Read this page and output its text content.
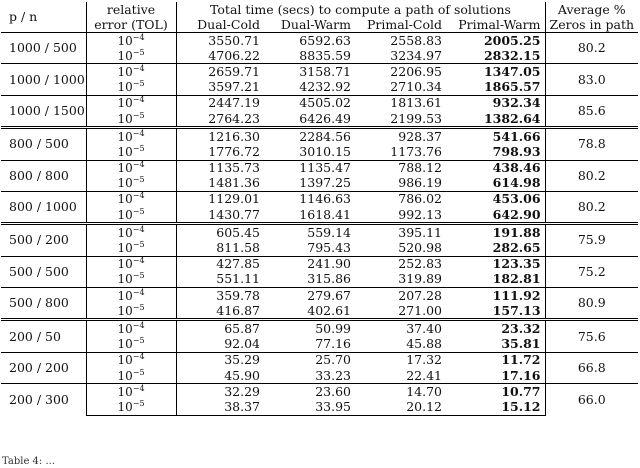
p / n	relative	Total time (secs) to compute a path of solutions				Average %
	error (TOL)	Dual-Cold	Dual-Warm	Primal-Cold	Primal-Warm	Zeros in path
1000 / 500	$10^{-4}$	3550.71	6592.63	2558.83	2005.25	80.2
	$10^{-5}$	4706.22	8835.59	3234.97	2832.15	
1000 / 1000	$10^{-4}$	2659.71	3158.71	2206.95	1347.05	83.0
	$10^{-5}$	3597.21	4232.92	2710.34	1865.57	
1000 / 1500	$10^{-4}$	2447.19	4505.02	1813.61	932.34	85.6
	$10^{-5}$	2764.23	6426.49	2199.53	1382.64	
800 / 500	$10^{-4}$	1216.30	2284.56	928.37	541.66	78.8
	$10^{-5}$	1776.72	3010.15	1173.76	798.93	
800 / 800	$10^{-4}$	1135.73	1135.47	788.12	438.46	80.2
	$10^{-5}$	1481.36	1397.25	986.19	614.98	
800 / 1000	$10^{-4}$	1129.01	1146.63	786.02	453.06	80.2
	$10^{-5}$	1430.77	1618.41	992.13	642.90	
500 / 200	$10^{-4}$	605.45	559.14	395.11	191.88	75.9
	$10^{-5}$	811.58	795.43	520.98	282.65	
500 / 500	$10^{-4}$	427.85	241.90	252.83	123.35	75.2
	$10^{-5}$	551.11	315.86	319.89	182.81	
500 / 800	$10^{-4}$	359.78	279.67	207.28	111.92	80.9
	$10^{-5}$	416.87	402.61	271.00	157.13	
200 / 50	$10^{-4}$	65.87	50.99	37.40	23.32	75.6
	$10^{-5}$	92.04	77.16	45.88	35.81	
200 / 200	$10^{-4}$	35.29	25.70	17.32	11.72	66.8
	$10^{-5}$	45.90	33.23	22.41	17.16	
200 / 300	$10^{-4}$	32.29	23.60	14.70	10.77	66.0
	$10^{-5}$	38.37	33.95	20.12	15.12	
Table 4: ...
